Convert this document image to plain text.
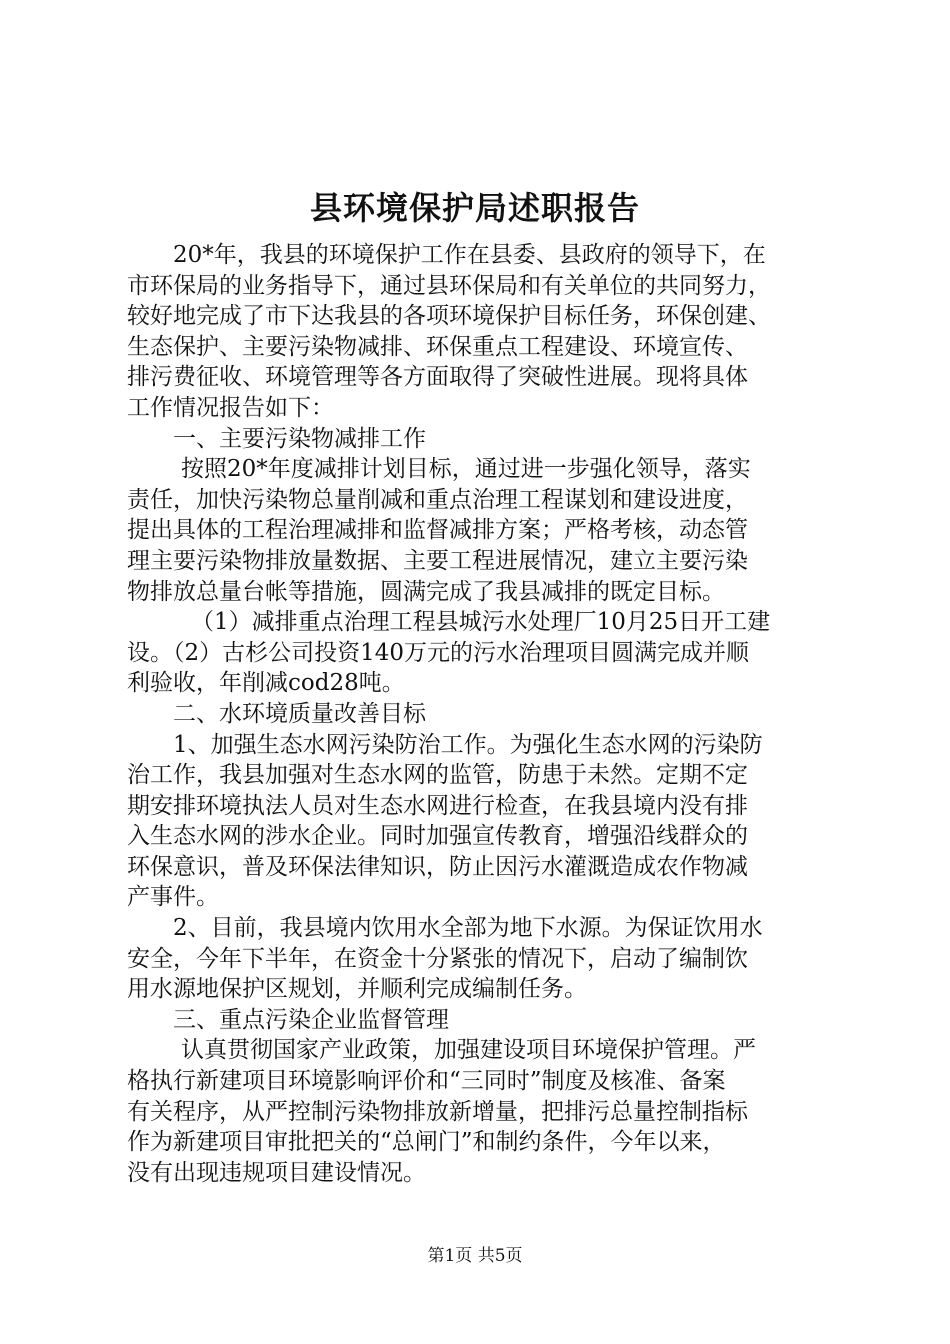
县环境保护局述职报告
20*年，我县的环境保护工作在县委、县政府的领导下，在
市环保局的业务指导下，通过县环保局和有关单位的共同努力，
较好地完成了市下达我县的各项环境保护目标任务，环保创建、
生态保护、主要污染物减排、环保重点工程建设、环境宣传、
排污费征收、环境管理等各方面取得了突破性进展。现将具体
工作情况报告如下：
一、主要污染物减排工作
按照20*年度减排计划目标，通过进一步强化领导，落实
责任，加快污染物总量削减和重点治理工程谋划和建设进度，
提出具体的工程治理减排和监督减排方案；严格考核，动态管
理主要污染物排放量数据、主要工程进展情况，建立主要污染
物排放总量台帐等措施，圆满完成了我县减排的既定目标。
（1）减排重点治理工程县城污水处理厂10月25日开工建
设。（2）古杉公司投资140万元的污水治理项目圆满完成并顺
利验收，年削减cod28吨。
二、水环境质量改善目标
1、加强生态水网污染防治工作。为强化生态水网的污染防
治工作，我县加强对生态水网的监管，防患于未然。定期不定
期安排环境执法人员对生态水网进行检查，在我县境内没有排
入生态水网的涉水企业。同时加强宣传教育，增强沿线群众的
环保意识，普及环保法律知识，防止因污水灌溉造成农作物减
产事件。
2、目前，我县境内饮用水全部为地下水源。为保证饮用水
安全，今年下半年，在资金十分紧张的情况下，启动了编制饮
用水源地保护区规划，并顺利完成编制任务。
三、重点污染企业监督管理
认真贯彻国家产业政策，加强建设项目环境保护管理。严
格执行新建项目环境影响评价和“三同时”制度及核准、备案
有关程序，从严控制污染物排放新增量，把排污总量控制指标
作为新建项目审批把关的“总闸门”和制约条件，今年以来，
没有出现违规项目建设情况。
第1页 共5页
